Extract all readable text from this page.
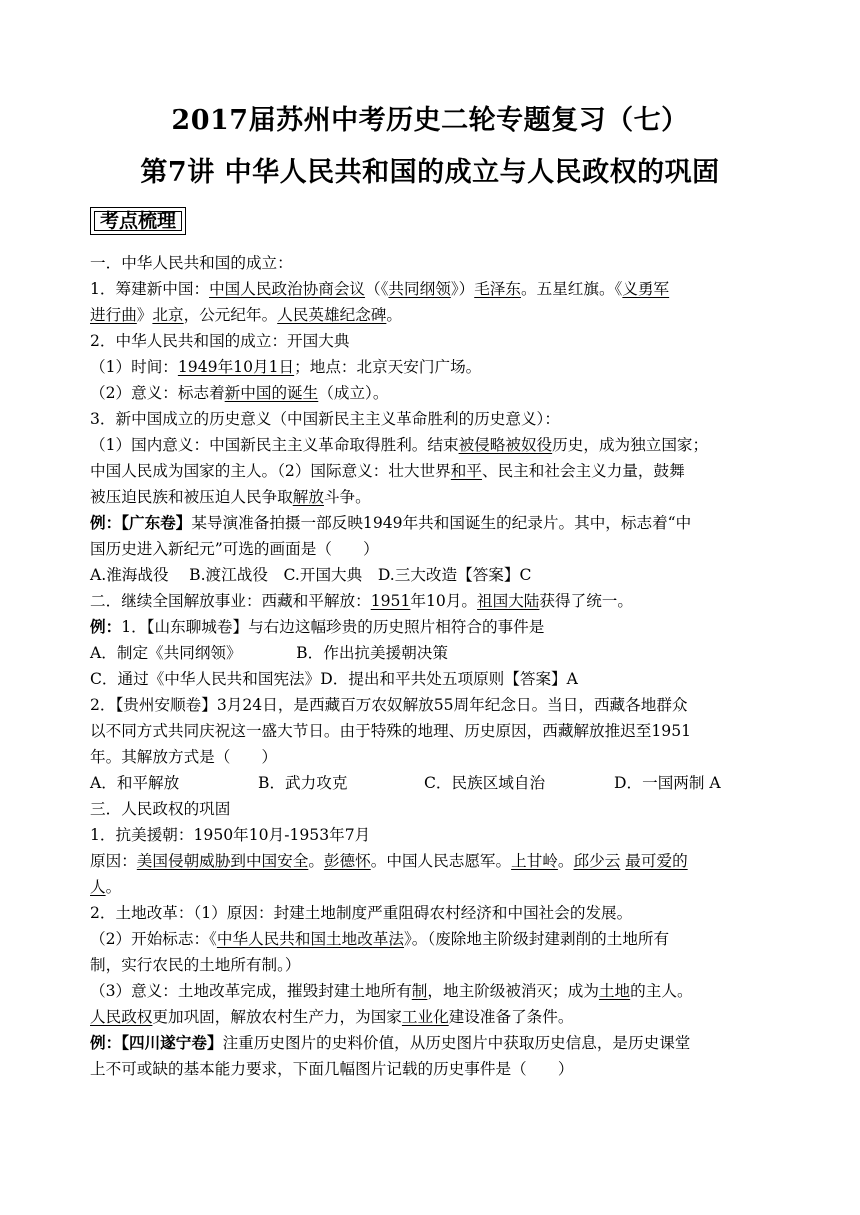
2017届苏州中考历史二轮专题复习（七）
第7讲 中华人民共和国的成立与人民政权的巩固
考点梳理
一．中华人民共和国的成立：
1．筹建新中国：中国人民政治协商会议（《共同纲领》）毛泽东。五星红旗。《义勇军
进行曲》北京，公元纪年。人民英雄纪念碑。
2．中华人民共和国的成立：开国大典
（1）时间：1949年10月1日；地点：北京天安门广场。
（2）意义：标志着新中国的诞生（成立）。
3．新中国成立的历史意义（中国新民主主义革命胜利的历史意义）：
（1）国内意义：中国新民主主义革命取得胜利。结束被侵略被奴役历史，成为独立国家；
中国人民成为国家的主人。（2）国际意义：壮大世界和平、民主和社会主义力量，鼓舞
被压迫民族和被压迫人民争取解放斗争。
例：【广东卷】某导演准备拍摄一部反映1949年共和国诞生的纪录片。其中，标志着“中
国历史进入新纪元”可选的画面是（　　）
A.淮海战役　 B.渡江战役　C.开国大典　D.三大改造【答案】C
二．继续全国解放事业：西藏和平解放：1951年10月。祖国大陆获得了统一。
例：1．【山东聊城卷】与右边这幅珍贵的历史照片相符合的事件是
A．制定《共同纲领》　　　　B．作出抗美援朝决策
C．通过《中华人民共和国宪法》D．提出和平共处五项原则【答案】A
2．【贵州安顺卷】3月24日，是西藏百万农奴解放55周年纪念日。当日，西藏各地群众
以不同方式共同庆祝这一盛大节日。由于特殊的地理、历史原因，西藏解放推迟至1951
年。其解放方式是（　　）
A．和平解放	B．武力攻克	C．民族区域自治	D．一国两制 A
三．人民政权的巩固
1．抗美援朝：1950年10月-1953年7月
原因：美国侵朝威胁到中国安全。彭德怀。中国人民志愿军。上甘岭。邱少云 最可爱的
人。
2．土地改革：（1）原因：封建土地制度严重阻碍农村经济和中国社会的发展。
（2）开始标志：《中华人民共和国土地改革法》。（废除地主阶级封建剥削的土地所有
制，实行农民的土地所有制。）
（3）意义：土地改革完成，摧毁封建土地所有制，地主阶级被消灭；成为土地的主人。
人民政权更加巩固，解放农村生产力，为国家工业化建设准备了条件。
例：【四川遂宁卷】注重历史图片的史料价值，从历史图片中获取历史信息，是历史课堂
上不可或缺的基本能力要求，下面几幅图片记载的历史事件是（　　）
